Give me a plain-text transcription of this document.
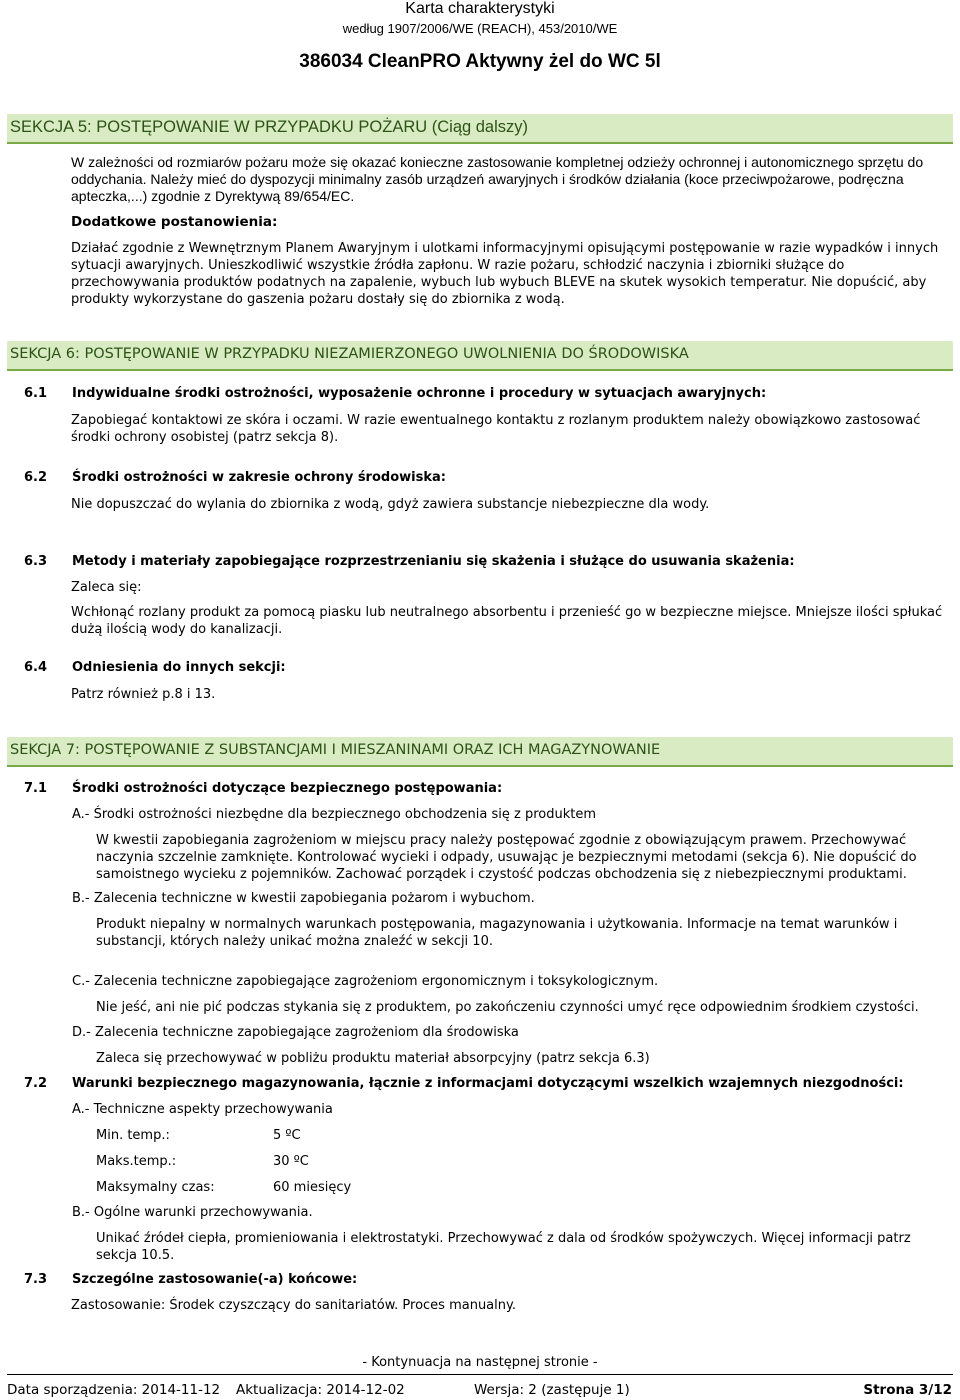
Karta charakterystyki
według 1907/2006/WE (REACH), 453/2010/WE
386034 CleanPRO Aktywny żel do WC 5l
SEKCJA 5: POSTĘPOWANIE W PRZYPADKU POŻARU (Ciąg dalszy)

W zależności od rozmiarów pożaru może się okazać konieczne zastosowanie kompletnej odzieży ochronnej i autonomicznego sprzętu do oddychania. Należy mieć do dyspozycji minimalny zasób urządzeń awaryjnych i środków działania (koce przeciwpożarowe, podręczna apteczka,...) zgodnie z Dyrektywą 89/654/EC.

Dodatkowe postanowienia:

Działać zgodnie z Wewnętrznym Planem Awaryjnym i ulotkami informacyjnymi opisującymi postępowanie w razie wypadków i innych sytuacji awaryjnych. Unieszkodliwić wszystkie źródła zapłonu. W razie pożaru, schłodzić naczynia i zbiorniki służące do przechowywania produktów podatnych na zapalenie, wybuch lub wybuch BLEVE na skutek wysokich temperatur. Nie dopuścić, aby produkty wykorzystane do gaszenia pożaru dostały się do zbiornika z wodą.

SEKCJA 6: POSTĘPOWANIE W PRZYPADKU NIEZAMIERZONEGO UWOLNIENIA DO ŚRODOWISKA
6.1 Indywidualne środki ostrożności, wyposażenie ochronne i procedury w sytuacjach awaryjnych:

Zapobiegać kontaktowi ze skóra i oczami. W razie ewentualnego kontaktu z rozlanym produktem należy obowiązkowo zastosować środki ochrony osobistej (patrz sekcja 8).

6.2 Środki ostrożności w zakresie ochrony środowiska:

Nie dopuszczać do wylania do zbiornika z wodą, gdyż zawiera substancje niebezpieczne dla wody.

6.3 Metody i materiały zapobiegające rozprzestrzenianiu się skażenia i służące do usuwania skażenia:
Zaleca się:

Wchłonąć rozlany produkt za pomocą piasku lub neutralnego absorbentu i przenieść go w bezpieczne miejsce. Mniejsze ilości spłukać dużą ilością wody do kanalizacji.

6.4 Odniesienia do innych sekcji:
Patrz również p.8 i 13.
SEKCJA 7: POSTĘPOWANIE Z SUBSTANCJAMI I MIESZANINAMI ORAZ ICH MAGAZYNOWANIE
7.1 Środki ostrożności dotyczące bezpiecznego postępowania:
A.- Środki ostrożności niezbędne dla bezpiecznego obchodzenia się z produktem

W kwestii zapobiegania zagrożeniom w miejscu pracy należy postępować zgodnie z obowiązującym prawem. Przechowywać naczynia szczelnie zamknięte. Kontrolować wycieki i odpady, usuwając je bezpiecznymi metodami (sekcja 6). Nie dopuścić do samoistnego wycieku z pojemników. Zachować porządek i czystość podczas obchodzenia się z niebezpiecznymi produktami.

B.- Zalecenia techniczne w kwestii zapobiegania pożarom i wybuchom.

Produkt niepalny w normalnych warunkach postępowania, magazynowania i użytkowania. Informacje na temat warunków i substancji, których należy unikać można znaleźć w sekcji 10.

C.- Zalecenia techniczne zapobiegające zagrożeniom ergonomicznym i toksykologicznym.

Nie jeść, ani nie pić podczas stykania się z produktem, po zakończeniu czynności umyć ręce odpowiednim środkiem czystości.

D.- Zalecenia techniczne zapobiegające zagrożeniom dla środowiska

Zaleca się przechowywać w pobliżu produktu materiał absorpcyjny (patrz sekcja 6.3)

7.2 Warunki bezpiecznego magazynowania, łącznie z informacjami dotyczącymi wszelkich wzajemnych niezgodności:
A.- Techniczne aspekty przechowywania
Min. temp.:	5 ºC
Maks.temp.:	30 ºC
Maksymalny czas:	60 miesięcy
B.- Ogólne warunki przechowywania.

Unikać źródeł ciepła, promieniowania i elektrostatyki. Przechowywać z dala od środków spożywczych. Więcej informacji patrz sekcja 10.5.

7.3 Szczególne zastosowanie(-a) końcowe:
Zastosowanie: Środek czyszczący do sanitariatów. Proces manualny.
- Kontynuacja na następnej stronie -
Data sporządzenia: 2014-11-12 Aktualizacja: 2014-12-02	Wersja: 2 (zastępuje 1)	Strona 3/12
